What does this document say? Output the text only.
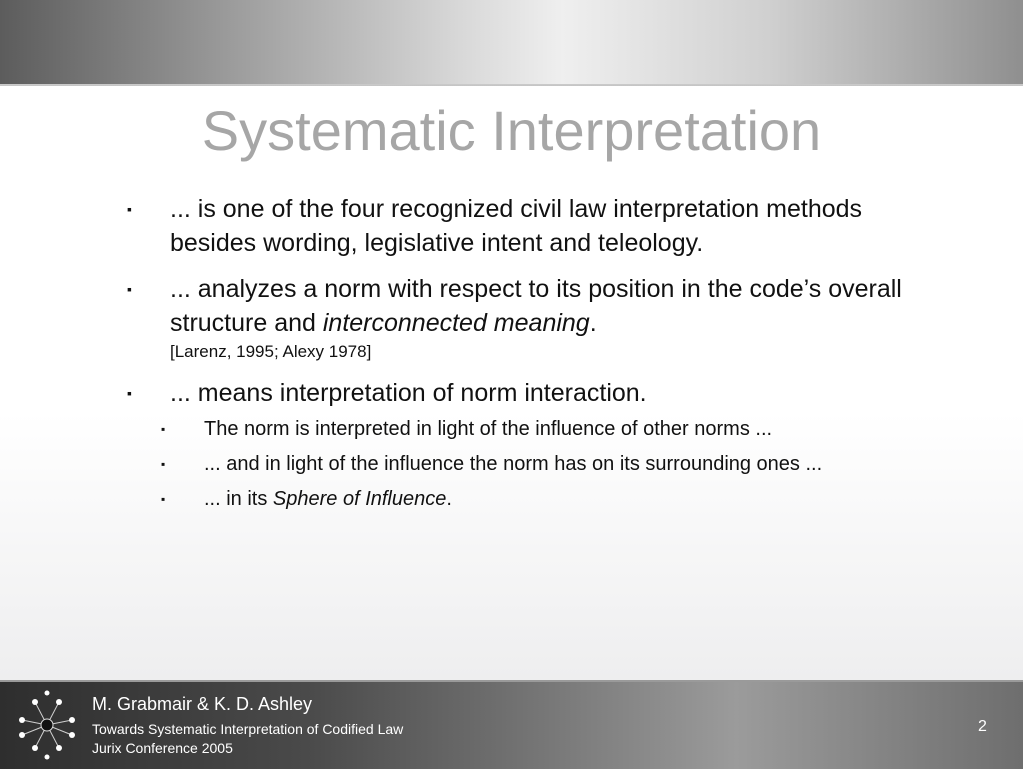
Systematic Interpretation
▪ ... is one of the four recognized civil law interpretation methods besides wording, legislative intent and teleology.
▪ ... analyzes a norm with respect to its position in the code’s overall structure and interconnected meaning.
[Larenz, 1995; Alexy 1978]
▪ ... means interpretation of norm interaction.
▪ The norm is interpreted in light of the influence of other norms ...
▪ ... and in light of the influence the norm has on its surrounding ones ...
▪ ... in its Sphere of Influence.
M. Grabmair & K. D. Ashley
Towards Systematic Interpretation of Codified Law
Jurix Conference 2005
2
